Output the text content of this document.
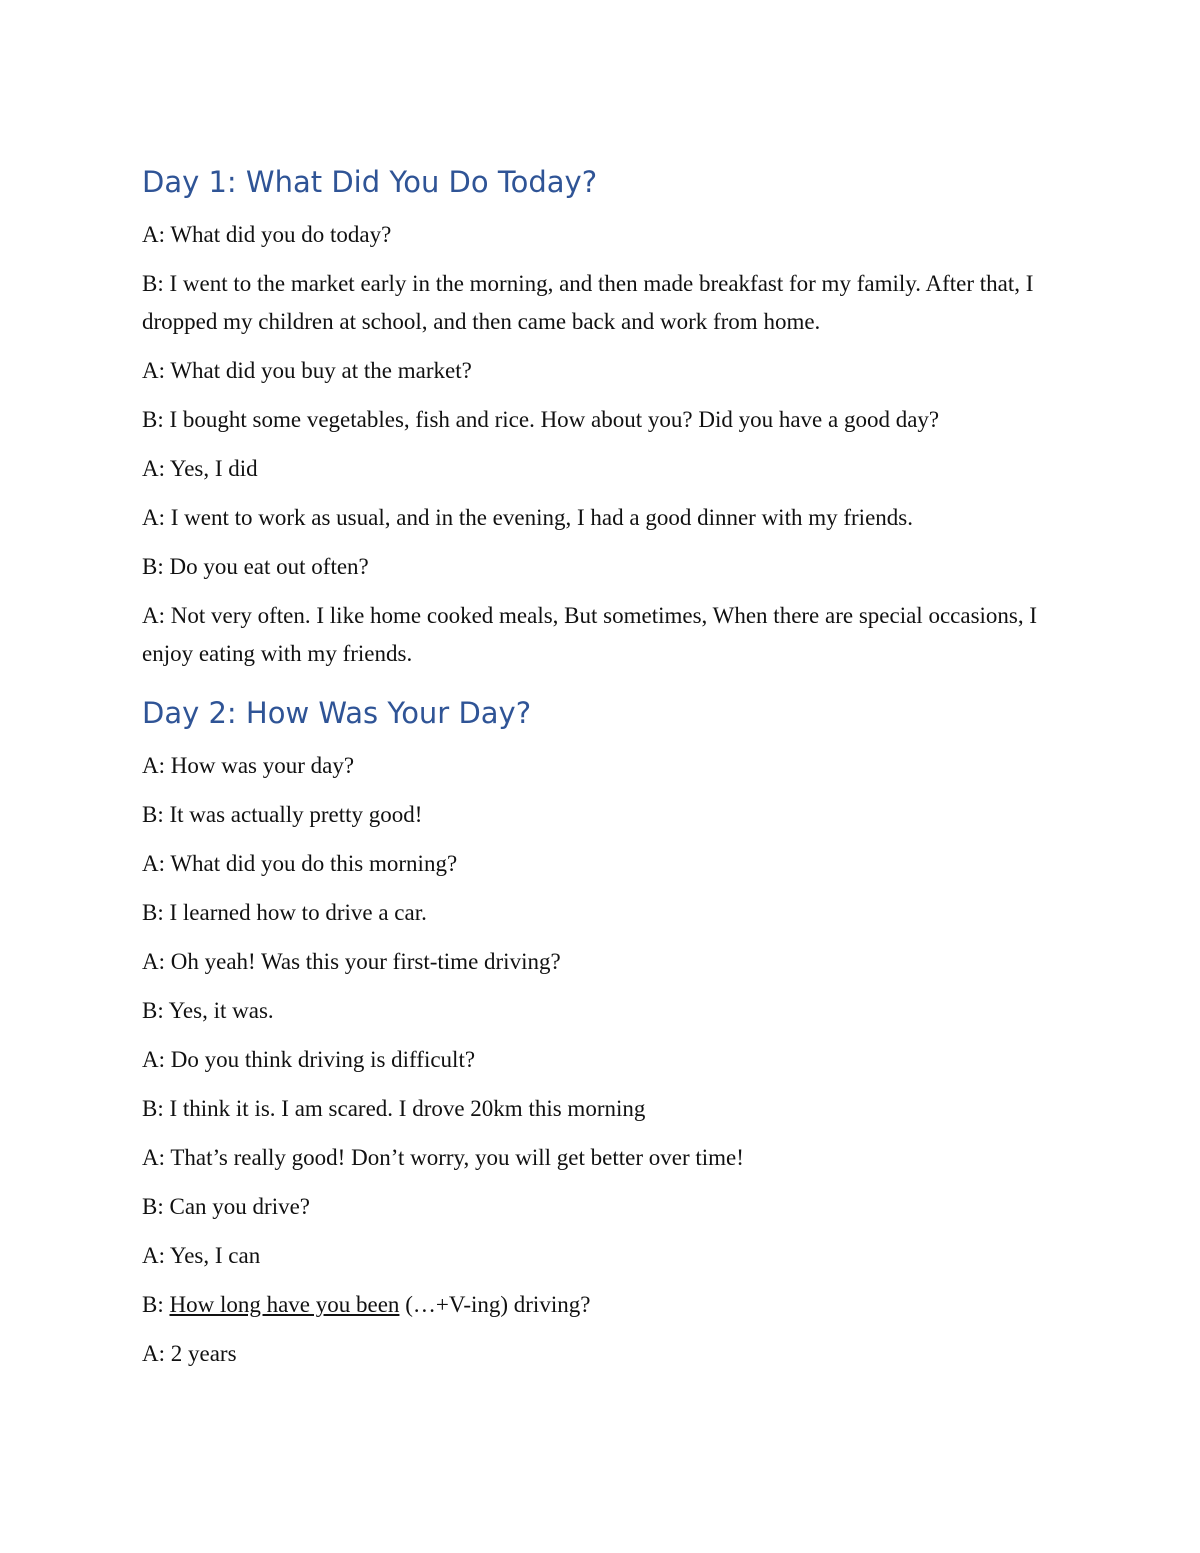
Day 1: What Did You Do Today?

A: What did you do today?

B: I went to the market early in the morning, and then made breakfast for my family. After that, I dropped my children at school, and then came back and work from home.

A: What did you buy at the market?

B: I bought some vegetables, fish and rice. How about you? Did you have a good day?

A: Yes, I did

A: I went to work as usual, and in the evening, I had a good dinner with my friends.

B: Do you eat out often?

A: Not very often. I like home cooked meals, But sometimes, When there are special occasions, I enjoy eating with my friends.

Day 2: How Was Your Day?

A: How was your day?

B: It was actually pretty good!

A: What did you do this morning?

B: I learned how to drive a car.

A: Oh yeah! Was this your first-time driving?

B: Yes, it was.

A: Do you think driving is difficult?

B: I think it is. I am scared. I drove 20km this morning

A: That’s really good! Don’t worry, you will get better over time!

B: Can you drive?

A: Yes, I can

B: How long have you been (…+V-ing) driving?

A: 2 years
